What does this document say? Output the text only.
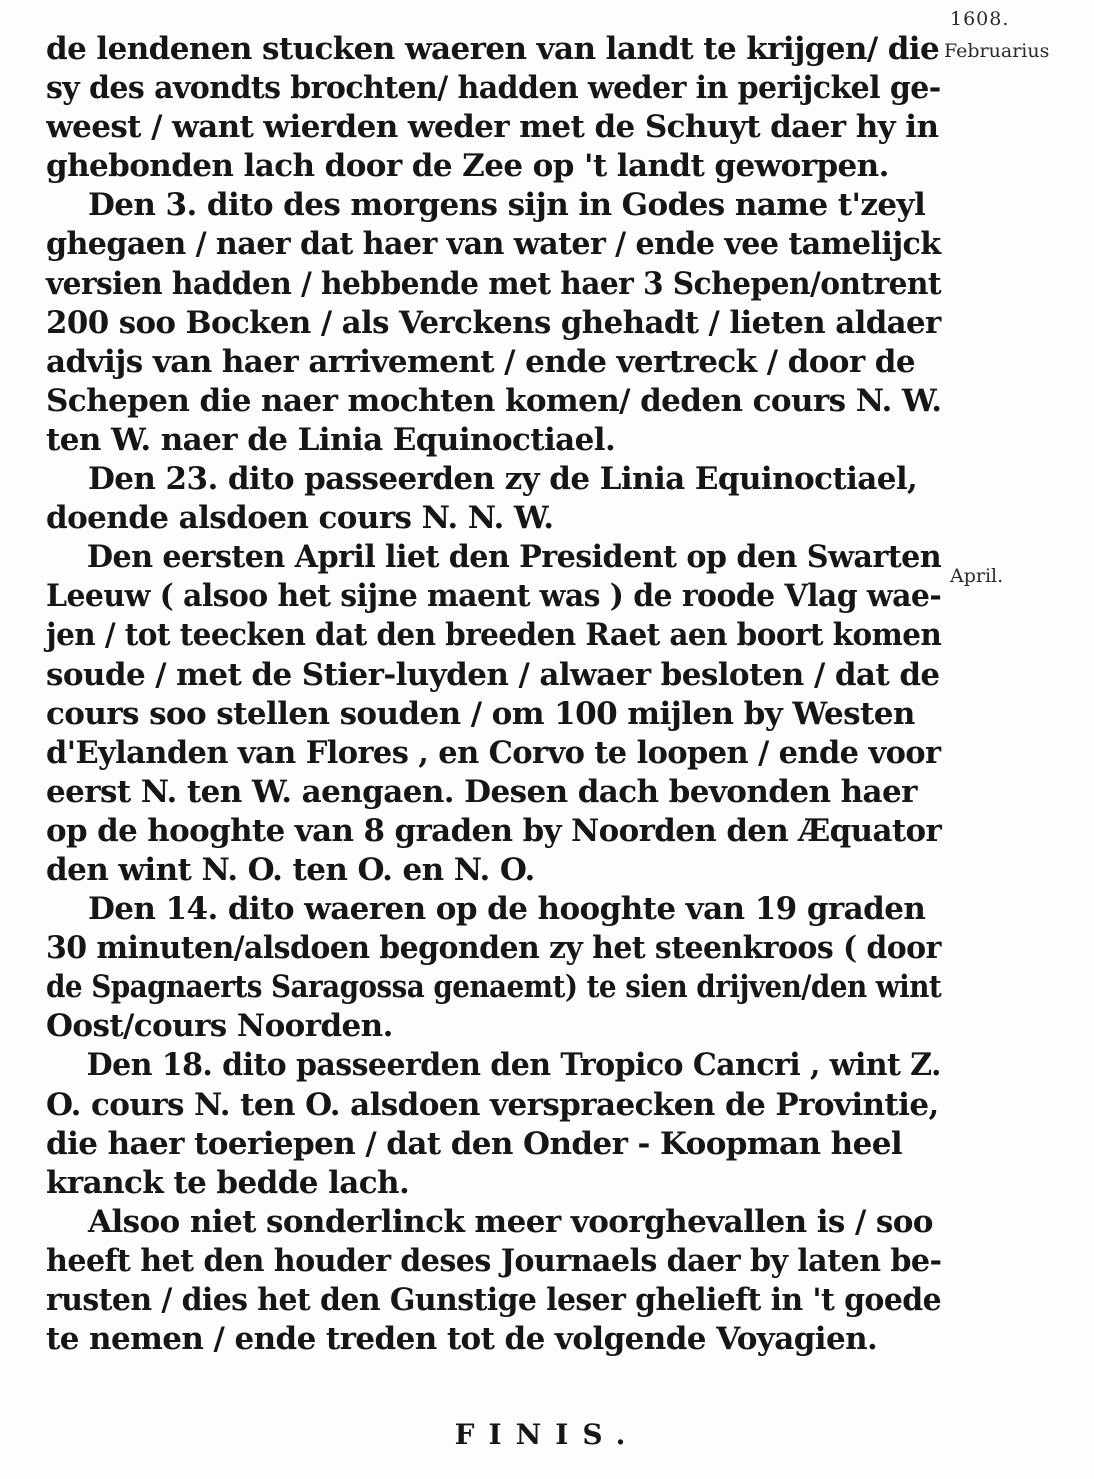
1608.
Februarius
April.
de lendenen stucken waeren van landt te krijgen/ die
sy des avondts brochten/ hadden weder in perijckel ge-
weest / want wierden weder met de Schuyt daer hy in
ghebonden lach door de Zee op 't landt geworpen.
Den 3. dito des morgens sijn in Godes name t'zeyl
ghegaen / naer dat haer van water / ende vee tamelijck
versien hadden / hebbende met haer 3 Schepen/ontrent
200 soo Bocken / als Verckens ghehadt / lieten aldaer
advijs van haer arrivement / ende vertreck / door de
Schepen die naer mochten komen/ deden cours N. W.
ten W. naer de Linia Equinoctiael.
Den 23. dito passeerden zy de Linia Equinoctiael,
doende alsdoen cours N. N. W.
Den eersten April liet den President op den Swarten
Leeuw ( alsoo het sijne maent was ) de roode Vlag wae-
jen / tot teecken dat den breeden Raet aen boort komen
soude / met de Stier-luyden / alwaer besloten / dat de
cours soo stellen souden / om 100 mijlen by Westen
d'Eylanden van Flores , en Corvo te loopen / ende voor
eerst N. ten W. aengaen. Desen dach bevonden haer
op de hooghte van 8 graden by Noorden den Æquator
den wint N. O. ten O. en N. O.
Den 14. dito waeren op de hooghte van 19 graden
30 minuten/alsdoen begonden zy het steenkroos ( door
de Spagnaerts Saragossa genaemt) te sien drijven/den wint
Oost/cours Noorden.
Den 18. dito passeerden den Tropico Cancri , wint Z.
O. cours N. ten O. alsdoen verspraecken de Provintie,
die haer toeriepen / dat den Onder - Koopman heel
kranck te bedde lach.
Alsoo niet sonderlinck meer voorghevallen is / soo
heeft het den houder deses Journaels daer by laten be-
rusten / dies het den Gunstige leser ghelieft in 't goede
te nemen / ende treden tot de volgende Voyagien.
FINIS.
